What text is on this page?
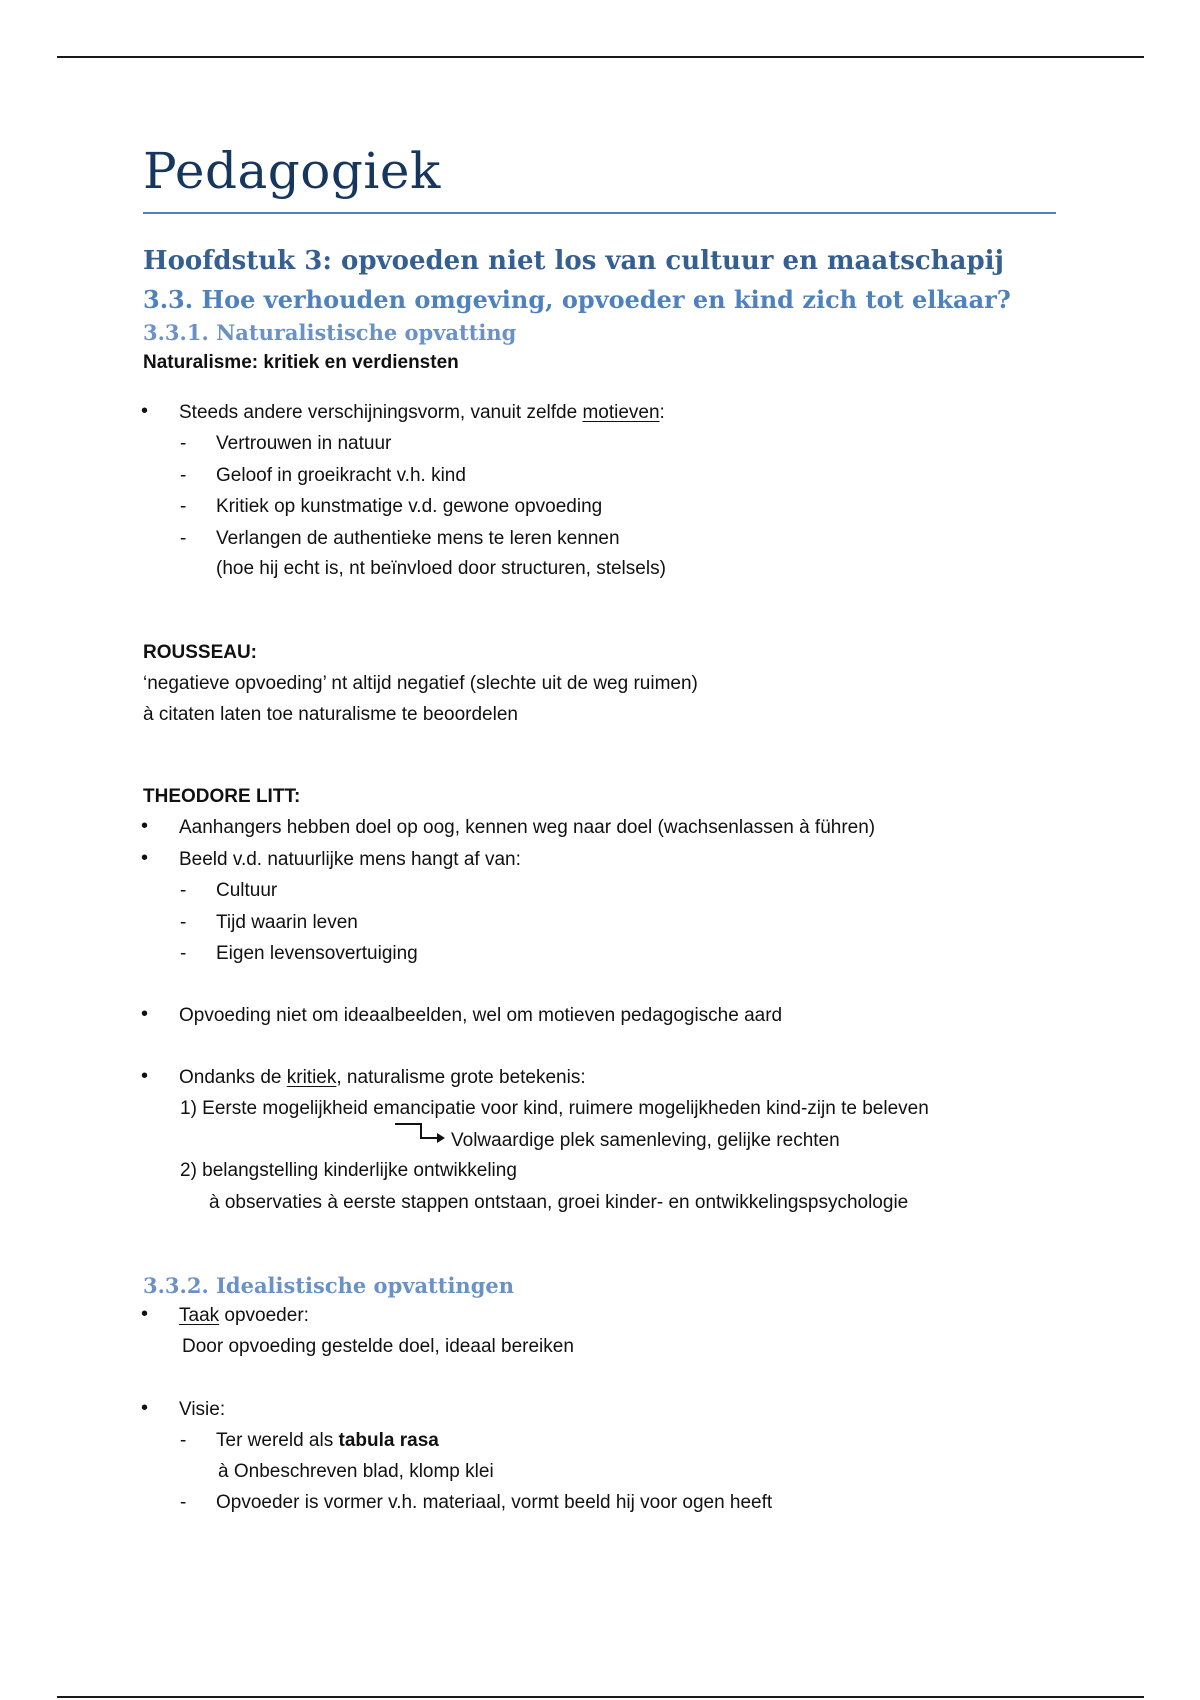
Pedagogiek
Hoofdstuk 3: opvoeden niet los van cultuur en maatschapij
3.3. Hoe verhouden omgeving, opvoeder en kind zich tot elkaar?
3.3.1. Naturalistische opvatting
Naturalisme: kritiek en verdiensten
• Steeds andere verschijningsvorm, vanuit zelfde motieven:
- Vertrouwen in natuur
- Geloof in groeikracht v.h. kind
- Kritiek op kunstmatige v.d. gewone opvoeding
- Verlangen de authentieke mens te leren kennen
(hoe hij echt is, nt beïnvloed door structuren, stelsels)
ROUSSEAU:
‘negatieve opvoeding’ nt altijd negatief (slechte uit de weg ruimen)
à citaten laten toe naturalisme te beoordelen
THEODORE LITT:
• Aanhangers hebben doel op oog, kennen weg naar doel (wachsenlassen à führen)
• Beeld v.d. natuurlijke mens hangt af van:
- Cultuur
- Tijd waarin leven
- Eigen levensovertuiging
• Opvoeding niet om ideaalbeelden, wel om motieven pedagogische aard
• Ondanks de kritiek, naturalisme grote betekenis:
1) Eerste mogelijkheid emancipatie voor kind, ruimere mogelijkheden kind-zijn te beleven
Volwaardige plek samenleving, gelijke rechten
2) belangstelling kinderlijke ontwikkeling
à observaties à eerste stappen ontstaan, groei kinder- en ontwikkelingspsychologie
3.3.2. Idealistische opvattingen
• Taak opvoeder:
Door opvoeding gestelde doel, ideaal bereiken
• Visie:
- Ter wereld als tabula rasa
à Onbeschreven blad, klomp klei
- Opvoeder is vormer v.h. materiaal, vormt beeld hij voor ogen heeft
